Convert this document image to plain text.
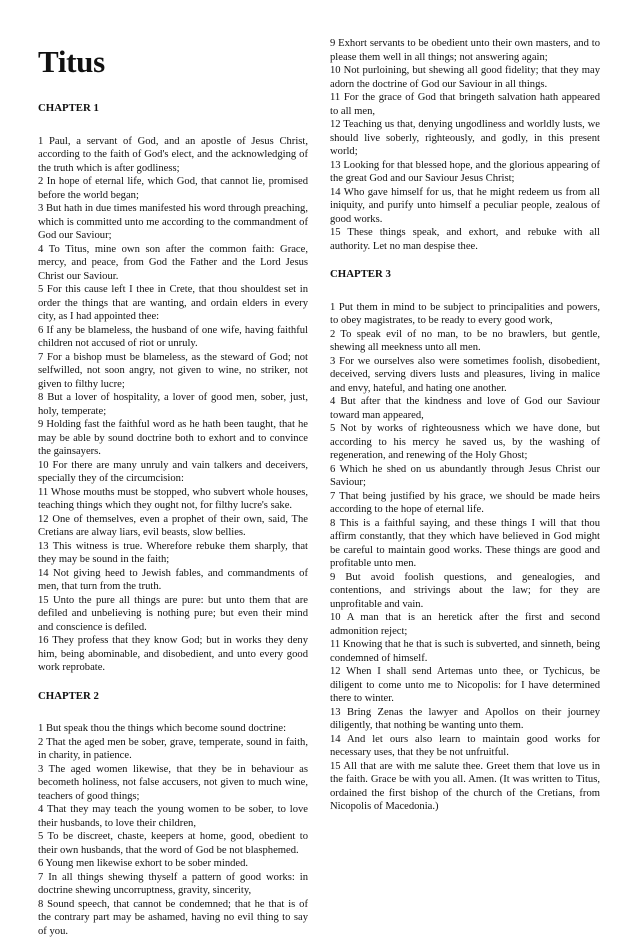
Titus
CHAPTER 1

1 Paul, a servant of God, and an apostle of Jesus Christ, according to the faith of God's elect, and the acknowledging of the truth which is after godliness;

2 In hope of eternal life, which God, that cannot lie, promised before the world began;

3 But hath in due times manifested his word through preaching, which is committed unto me according to the commandment of God our Saviour;

4 To Titus, mine own son after the common faith: Grace, mercy, and peace, from God the Father and the Lord Jesus Christ our Saviour.

5 For this cause left I thee in Crete, that thou shouldest set in order the things that are wanting, and ordain elders in every city, as I had appointed thee:

6 If any be blameless, the husband of one wife, having faithful children not accused of riot or unruly.

7 For a bishop must be blameless, as the steward of God; not selfwilled, not soon angry, not given to wine, no striker, not given to filthy lucre;

8 But a lover of hospitality, a lover of good men, sober, just, holy, temperate;

9 Holding fast the faithful word as he hath been taught, that he may be able by sound doctrine both to exhort and to convince the gainsayers.

10 For there are many unruly and vain talkers and deceivers, specially they of the circumcision:

11 Whose mouths must be stopped, who subvert whole houses, teaching things which they ought not, for filthy lucre's sake.

12 One of themselves, even a prophet of their own, said, The Cretians are alway liars, evil beasts, slow bellies.

13 This witness is true. Wherefore rebuke them sharply, that they may be sound in the faith;

14 Not giving heed to Jewish fables, and commandments of men, that turn from the truth.

15 Unto the pure all things are pure: but unto them that are defiled and unbelieving is nothing pure; but even their mind and conscience is defiled.

16 They profess that they know God; but in works they deny him, being abominable, and disobedient, and unto every good work reprobate.

CHAPTER 2

1 But speak thou the things which become sound doctrine:

2 That the aged men be sober, grave, temperate, sound in faith, in charity, in patience.

3 The aged women likewise, that they be in behaviour as becometh holiness, not false accusers, not given to much wine, teachers of good things;

4 That they may teach the young women to be sober, to love their husbands, to love their children,

5 To be discreet, chaste, keepers at home, good, obedient to their own husbands, that the word of God be not blasphemed.

6 Young men likewise exhort to be sober minded.

7 In all things shewing thyself a pattern of good works: in doctrine shewing uncorruptness, gravity, sincerity,

8 Sound speech, that cannot be condemned; that he that is of the contrary part may be ashamed, having no evil thing to say of you.

9 Exhort servants to be obedient unto their own masters, and to please them well in all things; not answering again;

10 Not purloining, but shewing all good fidelity; that they may adorn the doctrine of God our Saviour in all things.

11 For the grace of God that bringeth salvation hath appeared to all men,

12 Teaching us that, denying ungodliness and worldly lusts, we should live soberly, righteously, and godly, in this present world;

13 Looking for that blessed hope, and the glorious appearing of the great God and our Saviour Jesus Christ;

14 Who gave himself for us, that he might redeem us from all iniquity, and purify unto himself a peculiar people, zealous of good works.

15 These things speak, and exhort, and rebuke with all authority. Let no man despise thee.

CHAPTER 3

1 Put them in mind to be subject to principalities and powers, to obey magistrates, to be ready to every good work,

2 To speak evil of no man, to be no brawlers, but gentle, shewing all meekness unto all men.

3 For we ourselves also were sometimes foolish, disobedient, deceived, serving divers lusts and pleasures, living in malice and envy, hateful, and hating one another.

4 But after that the kindness and love of God our Saviour toward man appeared,

5 Not by works of righteousness which we have done, but according to his mercy he saved us, by the washing of regeneration, and renewing of the Holy Ghost;

6 Which he shed on us abundantly through Jesus Christ our Saviour;

7 That being justified by his grace, we should be made heirs according to the hope of eternal life.

8 This is a faithful saying, and these things I will that thou affirm constantly, that they which have believed in God might be careful to maintain good works. These things are good and profitable unto men.

9 But avoid foolish questions, and genealogies, and contentions, and strivings about the law; for they are unprofitable and vain.

10 A man that is an heretick after the first and second admonition reject;

11 Knowing that he that is such is subverted, and sinneth, being condemned of himself.

12 When I shall send Artemas unto thee, or Tychicus, be diligent to come unto me to Nicopolis: for I have determined there to winter.

13 Bring Zenas the lawyer and Apollos on their journey diligently, that nothing be wanting unto them.

14 And let ours also learn to maintain good works for necessary uses, that they be not unfruitful.

15 All that are with me salute thee. Greet them that love us in the faith. Grace be with you all. Amen. (It was written to Titus, ordained the first bishop of the church of the Cretians, from Nicopolis of Macedonia.)
